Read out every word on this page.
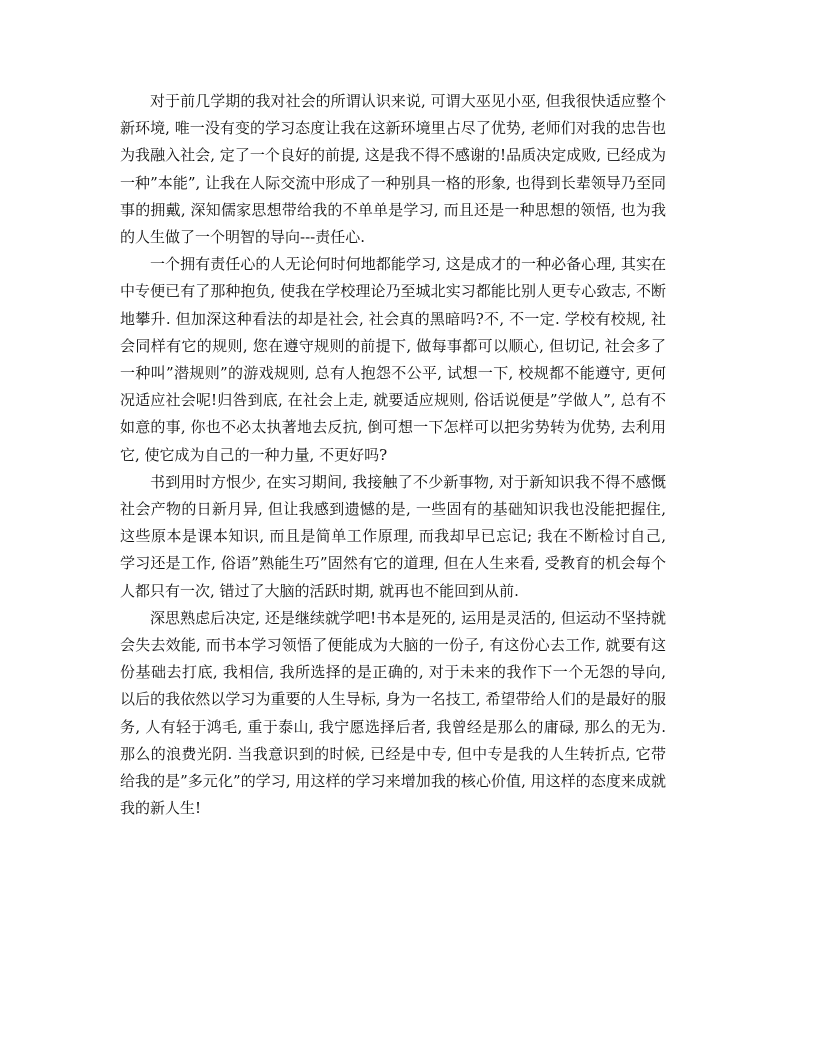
对于前几学期的我对社会的所谓认识来说, 可谓大巫见小巫, 但我很快适应整个新环境, 唯一没有变的学习态度让我在这新环境里占尽了优势, 老师们对我的忠告也为我融入社会, 定了一个良好的前提, 这是我不得不感谢的!品质决定成败, 已经成为一种”本能”, 让我在人际交流中形成了一种别具一格的形象, 也得到长辈领导乃至同事的拥戴, 深知儒家思想带给我的不单单是学习, 而且还是一种思想的领悟, 也为我的人生做了一个明智的导向---责任心.

一个拥有责任心的人无论何时何地都能学习, 这是成才的一种必备心理, 其实在中专便已有了那种抱负, 使我在学校理论乃至城北实习都能比别人更专心致志, 不断地攀升. 但加深这种看法的却是社会, 社会真的黑暗吗?不, 不一定. 学校有校规, 社会同样有它的规则, 您在遵守规则的前提下, 做每事都可以顺心, 但切记, 社会多了一种叫”潜规则”的游戏规则, 总有人抱怨不公平, 试想一下, 校规都不能遵守, 更何况适应社会呢!归咎到底, 在社会上走, 就要适应规则, 俗话说便是”学做人”, 总有不如意的事, 你也不必太执著地去反抗, 倒可想一下怎样可以把劣势转为优势, 去利用它, 使它成为自己的一种力量, 不更好吗?

书到用时方恨少, 在实习期间, 我接触了不少新事物, 对于新知识我不得不感慨社会产物的日新月异, 但让我感到遗憾的是, 一些固有的基础知识我也没能把握住, 这些原本是课本知识, 而且是简单工作原理, 而我却早已忘记; 我在不断检讨自己, 学习还是工作, 俗语”熟能生巧”固然有它的道理, 但在人生来看, 受教育的机会每个人都只有一次, 错过了大脑的活跃时期, 就再也不能回到从前.

深思熟虑后决定, 还是继续就学吧!书本是死的, 运用是灵活的, 但运动不坚持就会失去效能, 而书本学习领悟了便能成为大脑的一份子, 有这份心去工作, 就要有这份基础去打底, 我相信, 我所选择的是正确的, 对于未来的我作下一个无怨的导向, 以后的我依然以学习为重要的人生导标, 身为一名技工, 希望带给人们的是最好的服务, 人有轻于鸿毛, 重于泰山, 我宁愿选择后者, 我曾经是那么的庸碌, 那么的无为. 那么的浪费光阴. 当我意识到的时候, 已经是中专, 但中专是我的人生转折点, 它带给我的是”多元化”的学习, 用这样的学习来增加我的核心价值, 用这样的态度来成就我的新人生!
